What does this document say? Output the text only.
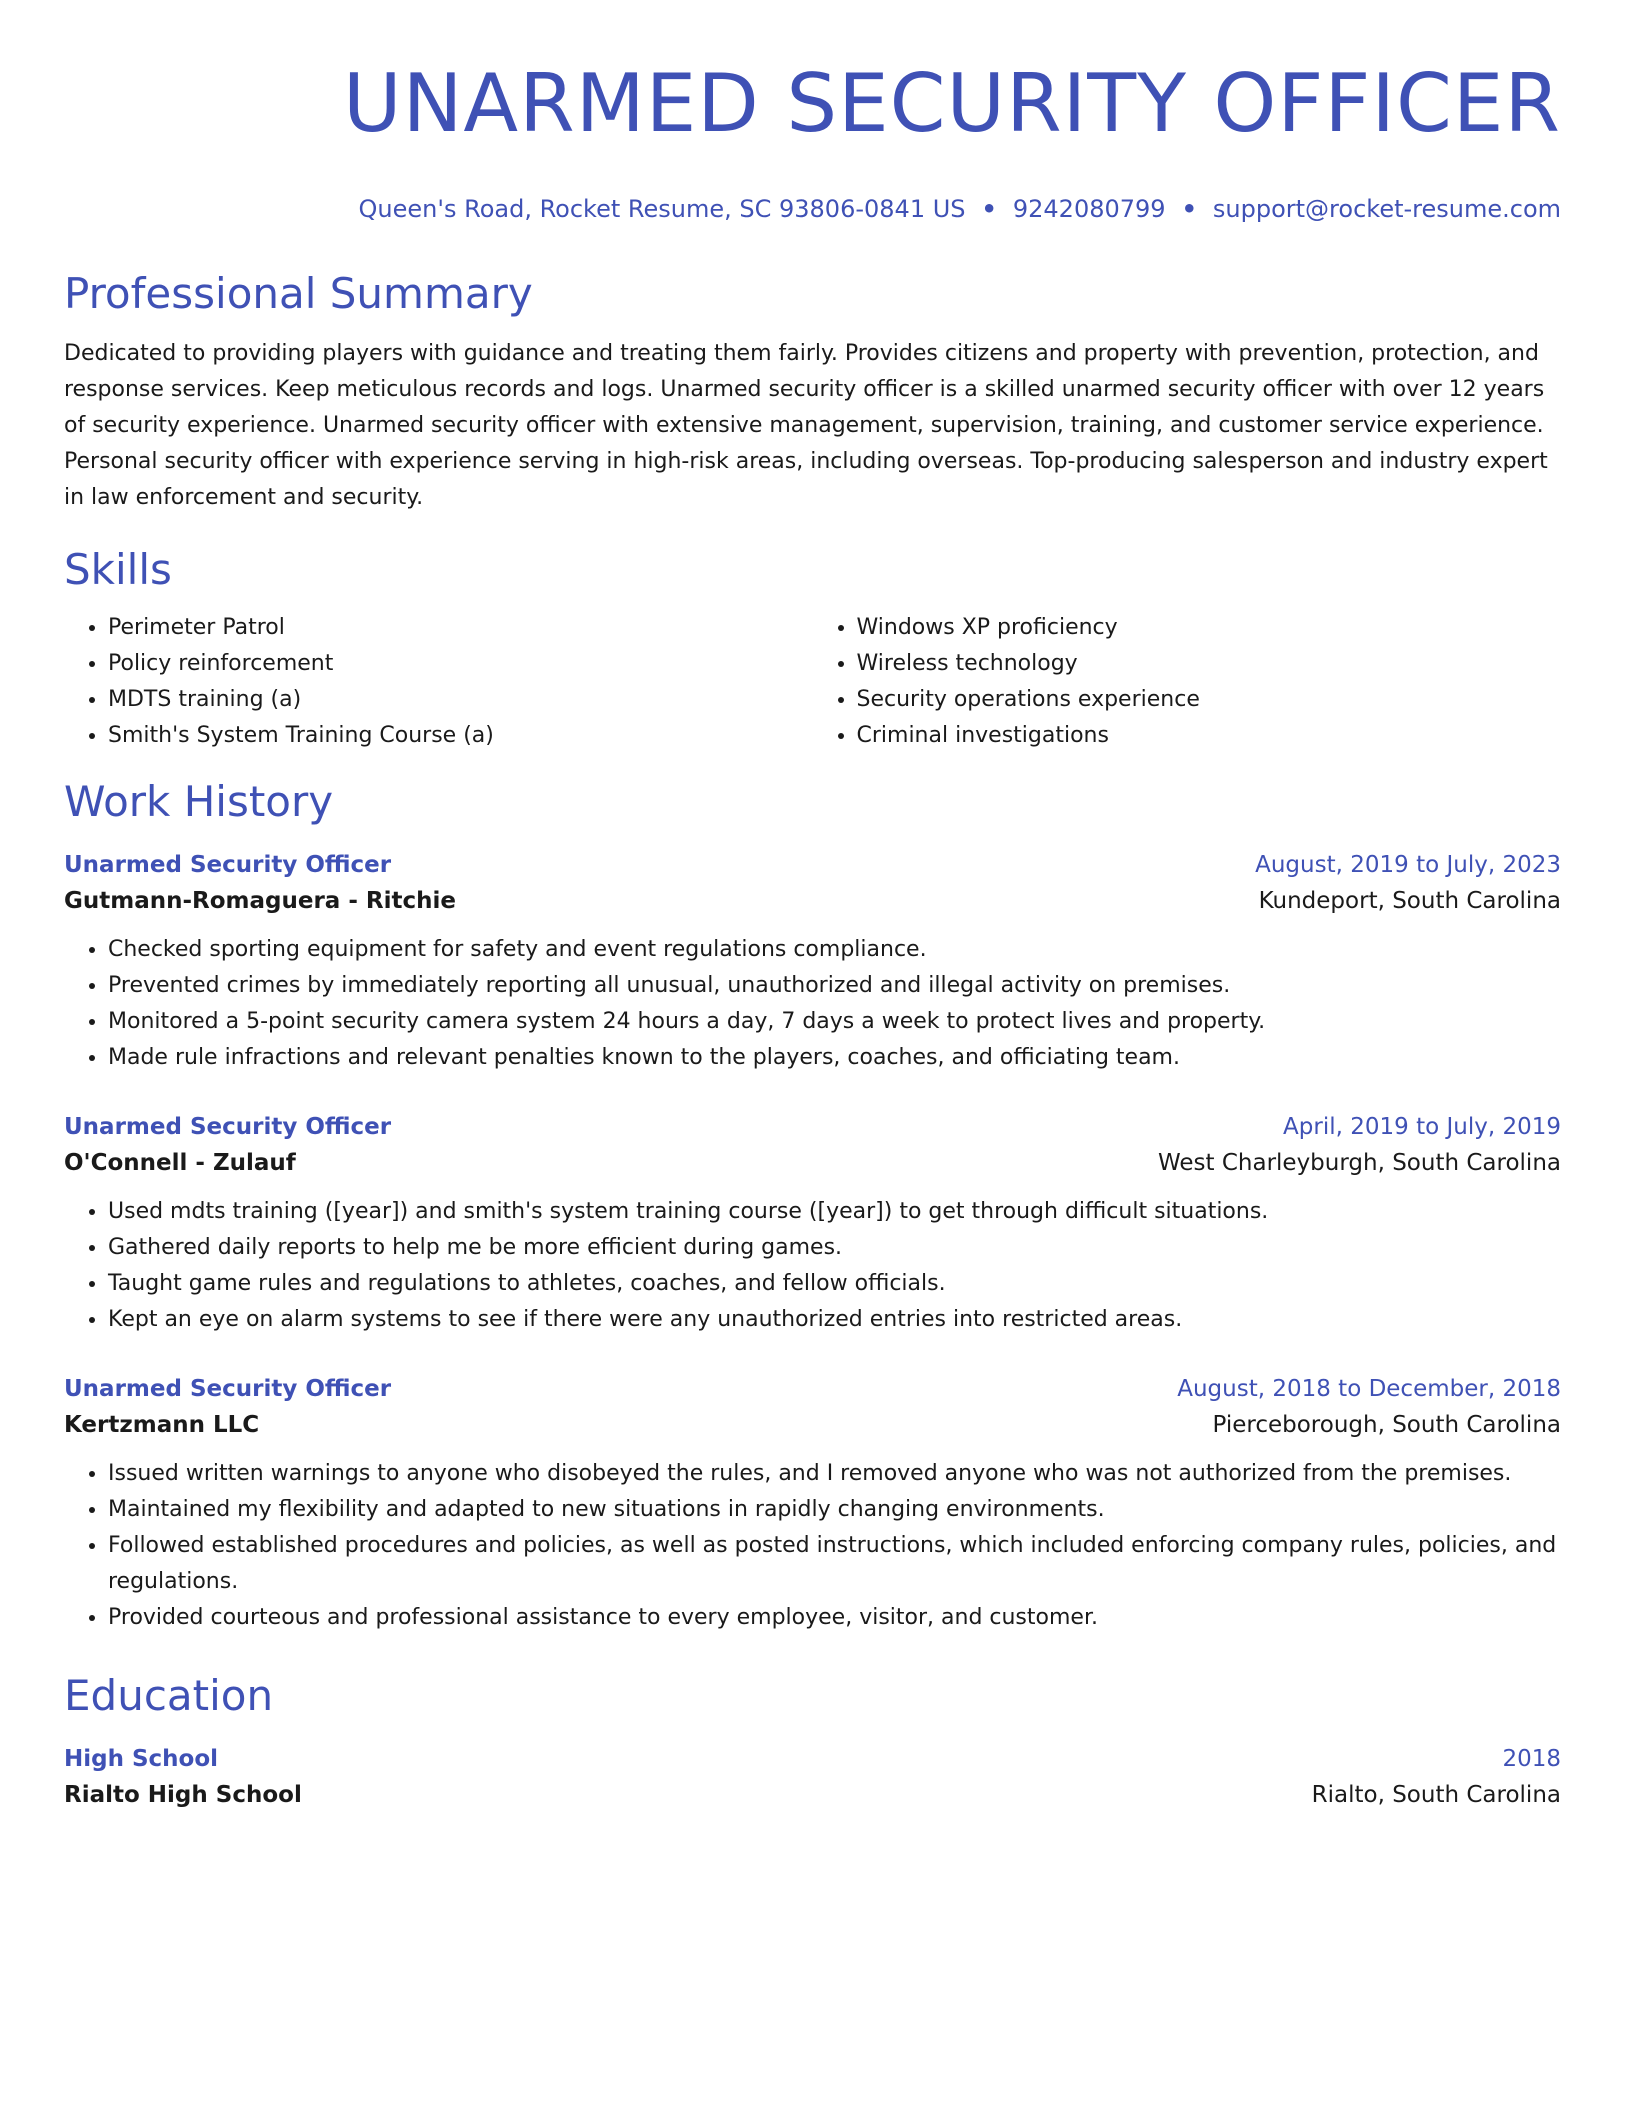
UNARMED SECURITY OFFICER
Queen's Road, Rocket Resume, SC 93806-0841 US • 9242080799 • support@rocket-resume.com
Professional Summary

Dedicated to providing players with guidance and treating them fairly. Provides citizens and property with prevention, protection, and response services. Keep meticulous records and logs. Unarmed security officer is a skilled unarmed security officer with over 12 years of security experience. Unarmed security officer with extensive management, supervision, training, and customer service experience. Personal security officer with experience serving in high-risk areas, including overseas. Top-producing salesperson and industry expert in law enforcement and security.

Skills
• Perimeter Patrol
• Policy reinforcement
• MDTS training (a)
• Smith's System Training Course (a)
• Windows XP proficiency
• Wireless technology
• Security operations experience
• Criminal investigations
Work History
Unarmed Security Officer	August, 2019 to July, 2023
Gutmann-Romaguera - Ritchie	Kundeport, South Carolina
• Checked sporting equipment for safety and event regulations compliance.
• Prevented crimes by immediately reporting all unusual, unauthorized and illegal activity on premises.
• Monitored a 5-point security camera system 24 hours a day, 7 days a week to protect lives and property.
• Made rule infractions and relevant penalties known to the players, coaches, and officiating team.
Unarmed Security Officer	April, 2019 to July, 2019
O'Connell - Zulauf	West Charleyburgh, South Carolina
• Used mdts training ([year]) and smith's system training course ([year]) to get through difficult situations.
• Gathered daily reports to help me be more efficient during games.
• Taught game rules and regulations to athletes, coaches, and fellow officials.
• Kept an eye on alarm systems to see if there were any unauthorized entries into restricted areas.
Unarmed Security Officer	August, 2018 to December, 2018
Kertzmann LLC	Pierceborough, South Carolina
• Issued written warnings to anyone who disobeyed the rules, and I removed anyone who was not authorized from the premises.
• Maintained my flexibility and adapted to new situations in rapidly changing environments.
• Followed established procedures and policies, as well as posted instructions, which included enforcing company rules, policies, and regulations.
• Provided courteous and professional assistance to every employee, visitor, and customer.
Education
High School	2018
Rialto High School	Rialto, South Carolina
